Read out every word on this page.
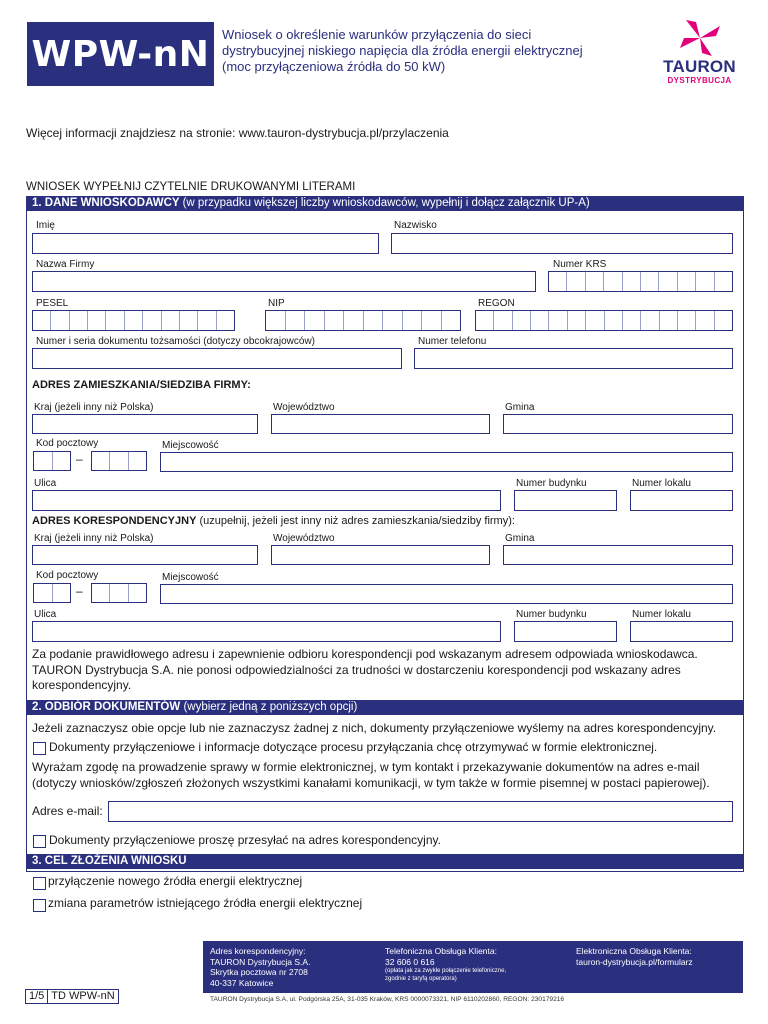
WPW-nN Wniosek o określenie warunków przyłączenia do sieci
dystrybucyjnej niskiego napięcia dla źródła energii elektrycznej
(moc przyłączeniowa źródła do 50 kW)	TAURON
DYSTRYBUCJA
Więcej informacji znajdziesz na stronie: www.tauron-dystrybucja.pl/przylaczenia
WNIOSEK WYPEŁNIJ CZYTELNIE DRUKOWANYMI LITERAMI
1. DANE WNIOSKODAWCY (w przypadku większej liczby wnioskodawców, wypełnij i dołącz załącznik UP-A)
Imię	Nazwisko
Nazwa Firmy	Numer KRS
PESEL	NIP	REGON
Numer i seria dokumentu tożsamości (dotyczy obcokrajowców)	Numer telefonu
ADRES ZAMIESZKANIA/SIEDZIBA FIRMY:
Kraj (jeżeli inny niż Polska)	Województwo	Gmina
Kod pocztowy
–
Miejscowość
Ulica	Numer budynku	Numer lokalu
ADRES KORESPONDENCYJNY (uzupełnij, jeżeli jest inny niż adres zamieszkania/siedziby firmy):
Kraj (jeżeli inny niż Polska)	Województwo	Gmina
Kod pocztowy
–
Miejscowość
Ulica	Numer budynku	Numer lokalu
Za podanie prawidłowego adresu i zapewnienie odbioru korespondencji pod wskazanym adresem odpowiada wnioskodawca. TAURON Dystrybucja S.A. nie ponosi odpowiedzialności za trudności w dostarczeniu korespondencji pod wskazany adres korespondencyjny.
2. ODBIÓR DOKUMENTÓW (wybierz jedną z poniższych opcji)
Jeżeli zaznaczysz obie opcje lub nie zaznaczysz żadnej z nich, dokumenty przyłączeniowe wyślemy na adres korespondencyjny.
Dokumenty przyłączeniowe i informacje dotyczące procesu przyłączania chcę otrzymywać w formie elektronicznej.
Wyrażam zgodę na prowadzenie sprawy w formie elektronicznej, w tym kontakt i przekazywanie dokumentów na adres e-mail (dotyczy wniosków/zgłoszeń złożonych wszystkimi kanałami komunikacji, w tym także w formie pisemnej w postaci papierowej).
Adres e-mail:
Dokumenty przyłączeniowe proszę przesyłać na adres korespondencyjny.
3. CEL ZŁOŻENIA WNIOSKU
przyłączenie nowego źródła energii elektrycznej
zmiana parametrów istniejącego źródła energii elektrycznej
Adres korespondencyjny:
TAURON Dystrybucja S.A.
Skrytka pocztowa nr 2708
40-337 Katowice
Telefoniczna Obsługa Klienta:
32 606 0 616
(opłata jak za zwykłe połączenie telefoniczne,
zgodnie z taryfą operatora)
Elektroniczna Obsługa Klienta:
tauron-dystrybucja.pl/formularz
TAURON Dystrybucja S.A, ul. Podgórska 25A, 31-035 Kraków, KRS 0000073321, NIP 6110202860, REGON: 230179216
1/5 TD WPW-nN
